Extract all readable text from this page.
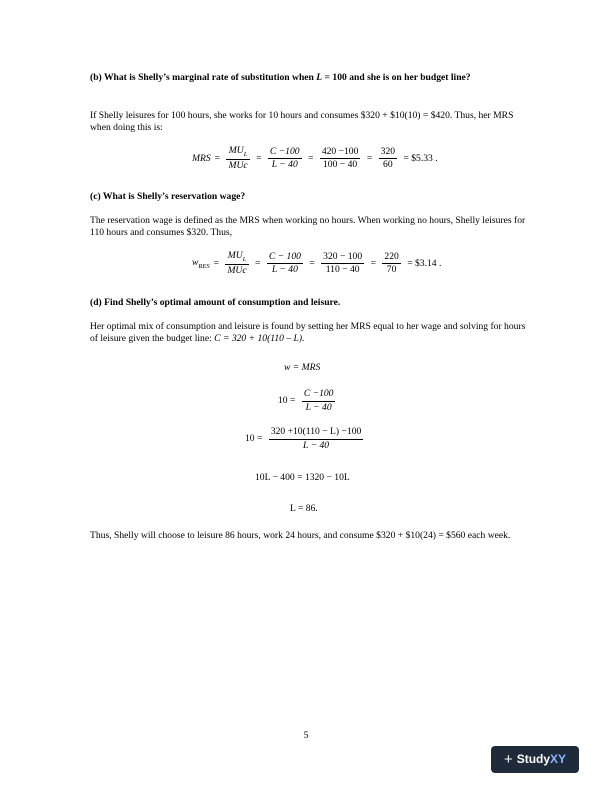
(b) What is Shelly’s marginal rate of substitution when L = 100 and she is on her budget line?
If Shelly leisures for 100 hours, she works for 10 hours and consumes $320 + $10(10) = $420. Thus, her MRS when doing this is:
MRS = $\frac{MU_L}{\text{MUc}} = \frac{C -100}{L - 40} = \frac{420 -100}{100 - 40} = \frac{320}{60}$ = $5.33 .
(c) What is Shelly’s reservation wage?
The reservation wage is defined as the MRS when working no hours. When working no hours, Shelly leisures for 110 hours and consumes $320. Thus,
$w_{RES} = \frac{MU_L}{\text{MUc}} = \frac{C - 100}{L - 40} = \frac{320 - 100}{110 - 40} = \frac{220}{70}$ = $3.14 .
(d) Find Shelly’s optimal amount of consumption and leisure.
Her optimal mix of consumption and leisure is found by setting her MRS equal to her wage and solving for hours of leisure given the budget line: C = 320 + 10(110 – L).
w = MRS
$10 = \frac{C -100}{L - 40}$
$10 = \frac{320 +10(110 - L) -100}{L - 40}$
10L − 400 = 1320 − 10L
L = 86.
Thus, Shelly will choose to leisure 86 hours, work 24 hours, and consume $320 + $10(24) = $560 each week.
5
+ Study XY
